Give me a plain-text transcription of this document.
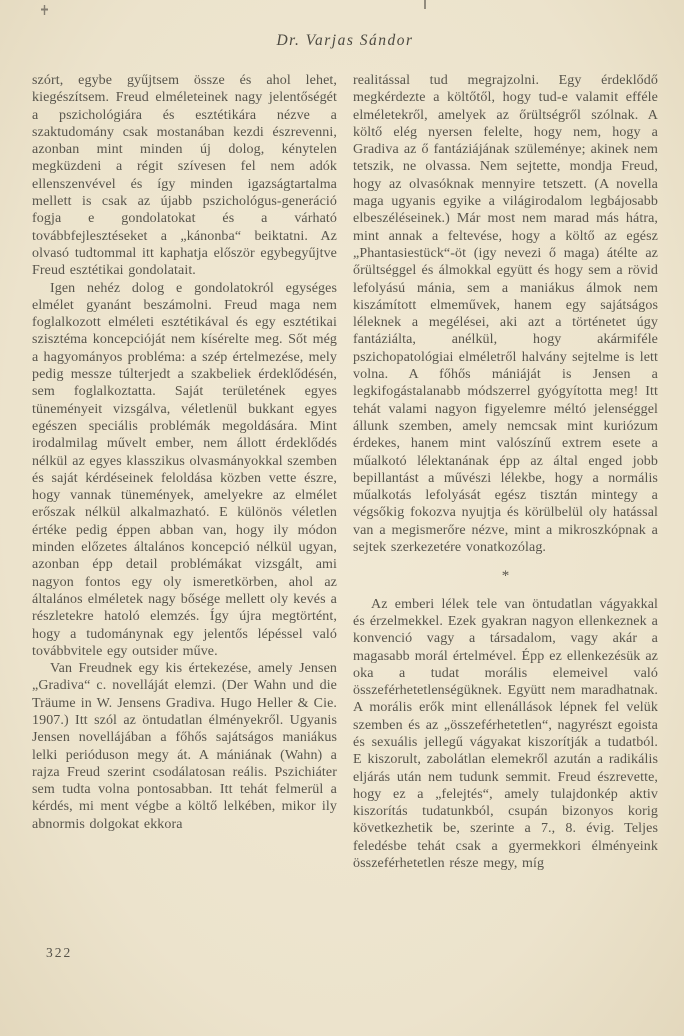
Dr. Varjas Sándor

szórt, egybe gyűjtsem össze és ahol lehet, kiegészítsem. Freud elméleteinek nagy jelentőségét a pszichológiára és esztétikára nézve a szaktudomány csak mostanában kezdi észrevenni, azonban mint minden új dolog, kénytelen megküzdeni a régit szívesen fel nem adók ellenszenvével és így minden igazságtartalma mellett is csak az újabb pszichológus-generáció fogja e gondolatokat és a várható továbbfejlesztéseket a „kánonba“ beiktatni. Az olvasó tudtommal itt kaphatja először egybegyűjtve Freud esztétikai gondolatait.

Igen nehéz dolog e gondolatokról egységes elmélet gyanánt beszámolni. Freud maga nem foglalkozott elméleti esztétikával és egy esztétikai szisztéma koncepcióját nem kísérelte meg. Sőt még a hagyományos probléma: a szép értelmezése, mely pedig messze túlterjedt a szakbeliek érdeklődésén, sem foglalkoztatta. Saját területének egyes tüneményeit vizsgálva, véletlenül bukkant egyes egészen speciális problémák megoldására. Mint irodalmilag művelt ember, nem állott érdeklődés nélkül az egyes klasszikus olvasmányokkal szemben és saját kérdéseinek feloldása közben vette észre, hogy vannak tünemények, amelyekre az elmélet erőszak nélkül alkalmazható. E különös véletlen értéke pedig éppen abban van, hogy ily módon minden előzetes általános koncepció nélkül ugyan, azonban épp detail problémákat vizsgált, ami nagyon fontos egy oly ismeretkörben, ahol az általános elméletek nagy bősége mellett oly kevés a részletekre hatoló elemzés. Így újra megtörtént, hogy a tudománynak egy jelentős lépéssel való továbbvitele egy outsider műve.

Van Freudnek egy kis értekezése, amely Jensen „Gradiva“ c. novelláját elemzi. (Der Wahn und die Träume in W. Jensens Gradiva. Hugo Heller & Cie. 1907.) Itt szól az öntudatlan élményekről. Ugyanis Jensen novellájában a főhős sajátságos maniákus lelki perióduson megy át. A mániának (Wahn) a rajza Freud szerint csodálatosan reális. Pszichiáter sem tudta volna pontosabban. Itt tehát felmerül a kérdés, mi ment végbe a költő lelkében, mikor ily abnormis dolgokat ekkora

realitással tud megrajzolni. Egy érdeklődő megkérdezte a költőtől, hogy tud-e valamit efféle elméletekről, amelyek az őrültségről szólnak. A költő elég nyersen felelte, hogy nem, hogy a Gradiva az ő fantáziájának szüleménye; akinek nem tetszik, ne olvassa. Nem sejtette, mondja Freud, hogy az olvasóknak mennyire tetszett. (A novella maga ugyanis egyike a világirodalom legbájosabb elbeszéléseinek.) Már most nem marad más hátra, mint annak a feltevése, hogy a költő az egész „Phantasiestück“-öt (igy nevezi ő maga) átélte az őrültséggel és álmokkal együtt és hogy sem a rövid lefolyású mánia, sem a maniákus álmok nem kiszámított elmeművek, hanem egy sajátságos léleknek a megélései, aki azt a történetet úgy fantáziálta, anélkül, hogy akármiféle pszichopatológiai elméletről halvány sejtelme is lett volna. A főhős mániáját is Jensen a legkifogástalanabb módszerrel gyógyította meg! Itt tehát valami nagyon figyelemre méltó jelenséggel állunk szemben, amely nemcsak mint kuriózum érdekes, hanem mint valószínű extrem esete a műalkotó lélektanának épp az által enged jobb bepillantást a művészi lélekbe, hogy a normális műalkotás lefolyását egész tisztán mintegy a végsőkig fokozva nyujtja és körülbelül oly hatással van a megismerőre nézve, mint a mikroszkópnak a sejtek szerkezetére vonatkozólag.

*

Az emberi lélek tele van öntudatlan vágyakkal és érzelmekkel. Ezek gyakran nagyon ellenkeznek a konvenció vagy a társadalom, vagy akár a magasabb morál értelmével. Épp ez ellenkezésük az oka a tudat morális elemeivel való összeférhetetlenségüknek. Együtt nem maradhatnak. A morális erők mint ellenállások lépnek fel velük szemben és az „összeférhetetlen“, nagyrészt egoista és sexuális jellegű vágyakat kiszorítják a tudatból. E kiszorult, zabolátlan elemekről azután a radikális eljárás után nem tudunk semmit. Freud észrevette, hogy ez a „felejtés“, amely tulajdonkép aktiv kiszorítás tudatunkból, csupán bizonyos korig következhetik be, szerinte a 7., 8. évig. Teljes feledésbe tehát csak a gyermekkori élményeink összeférhetetlen része megy, míg

322
